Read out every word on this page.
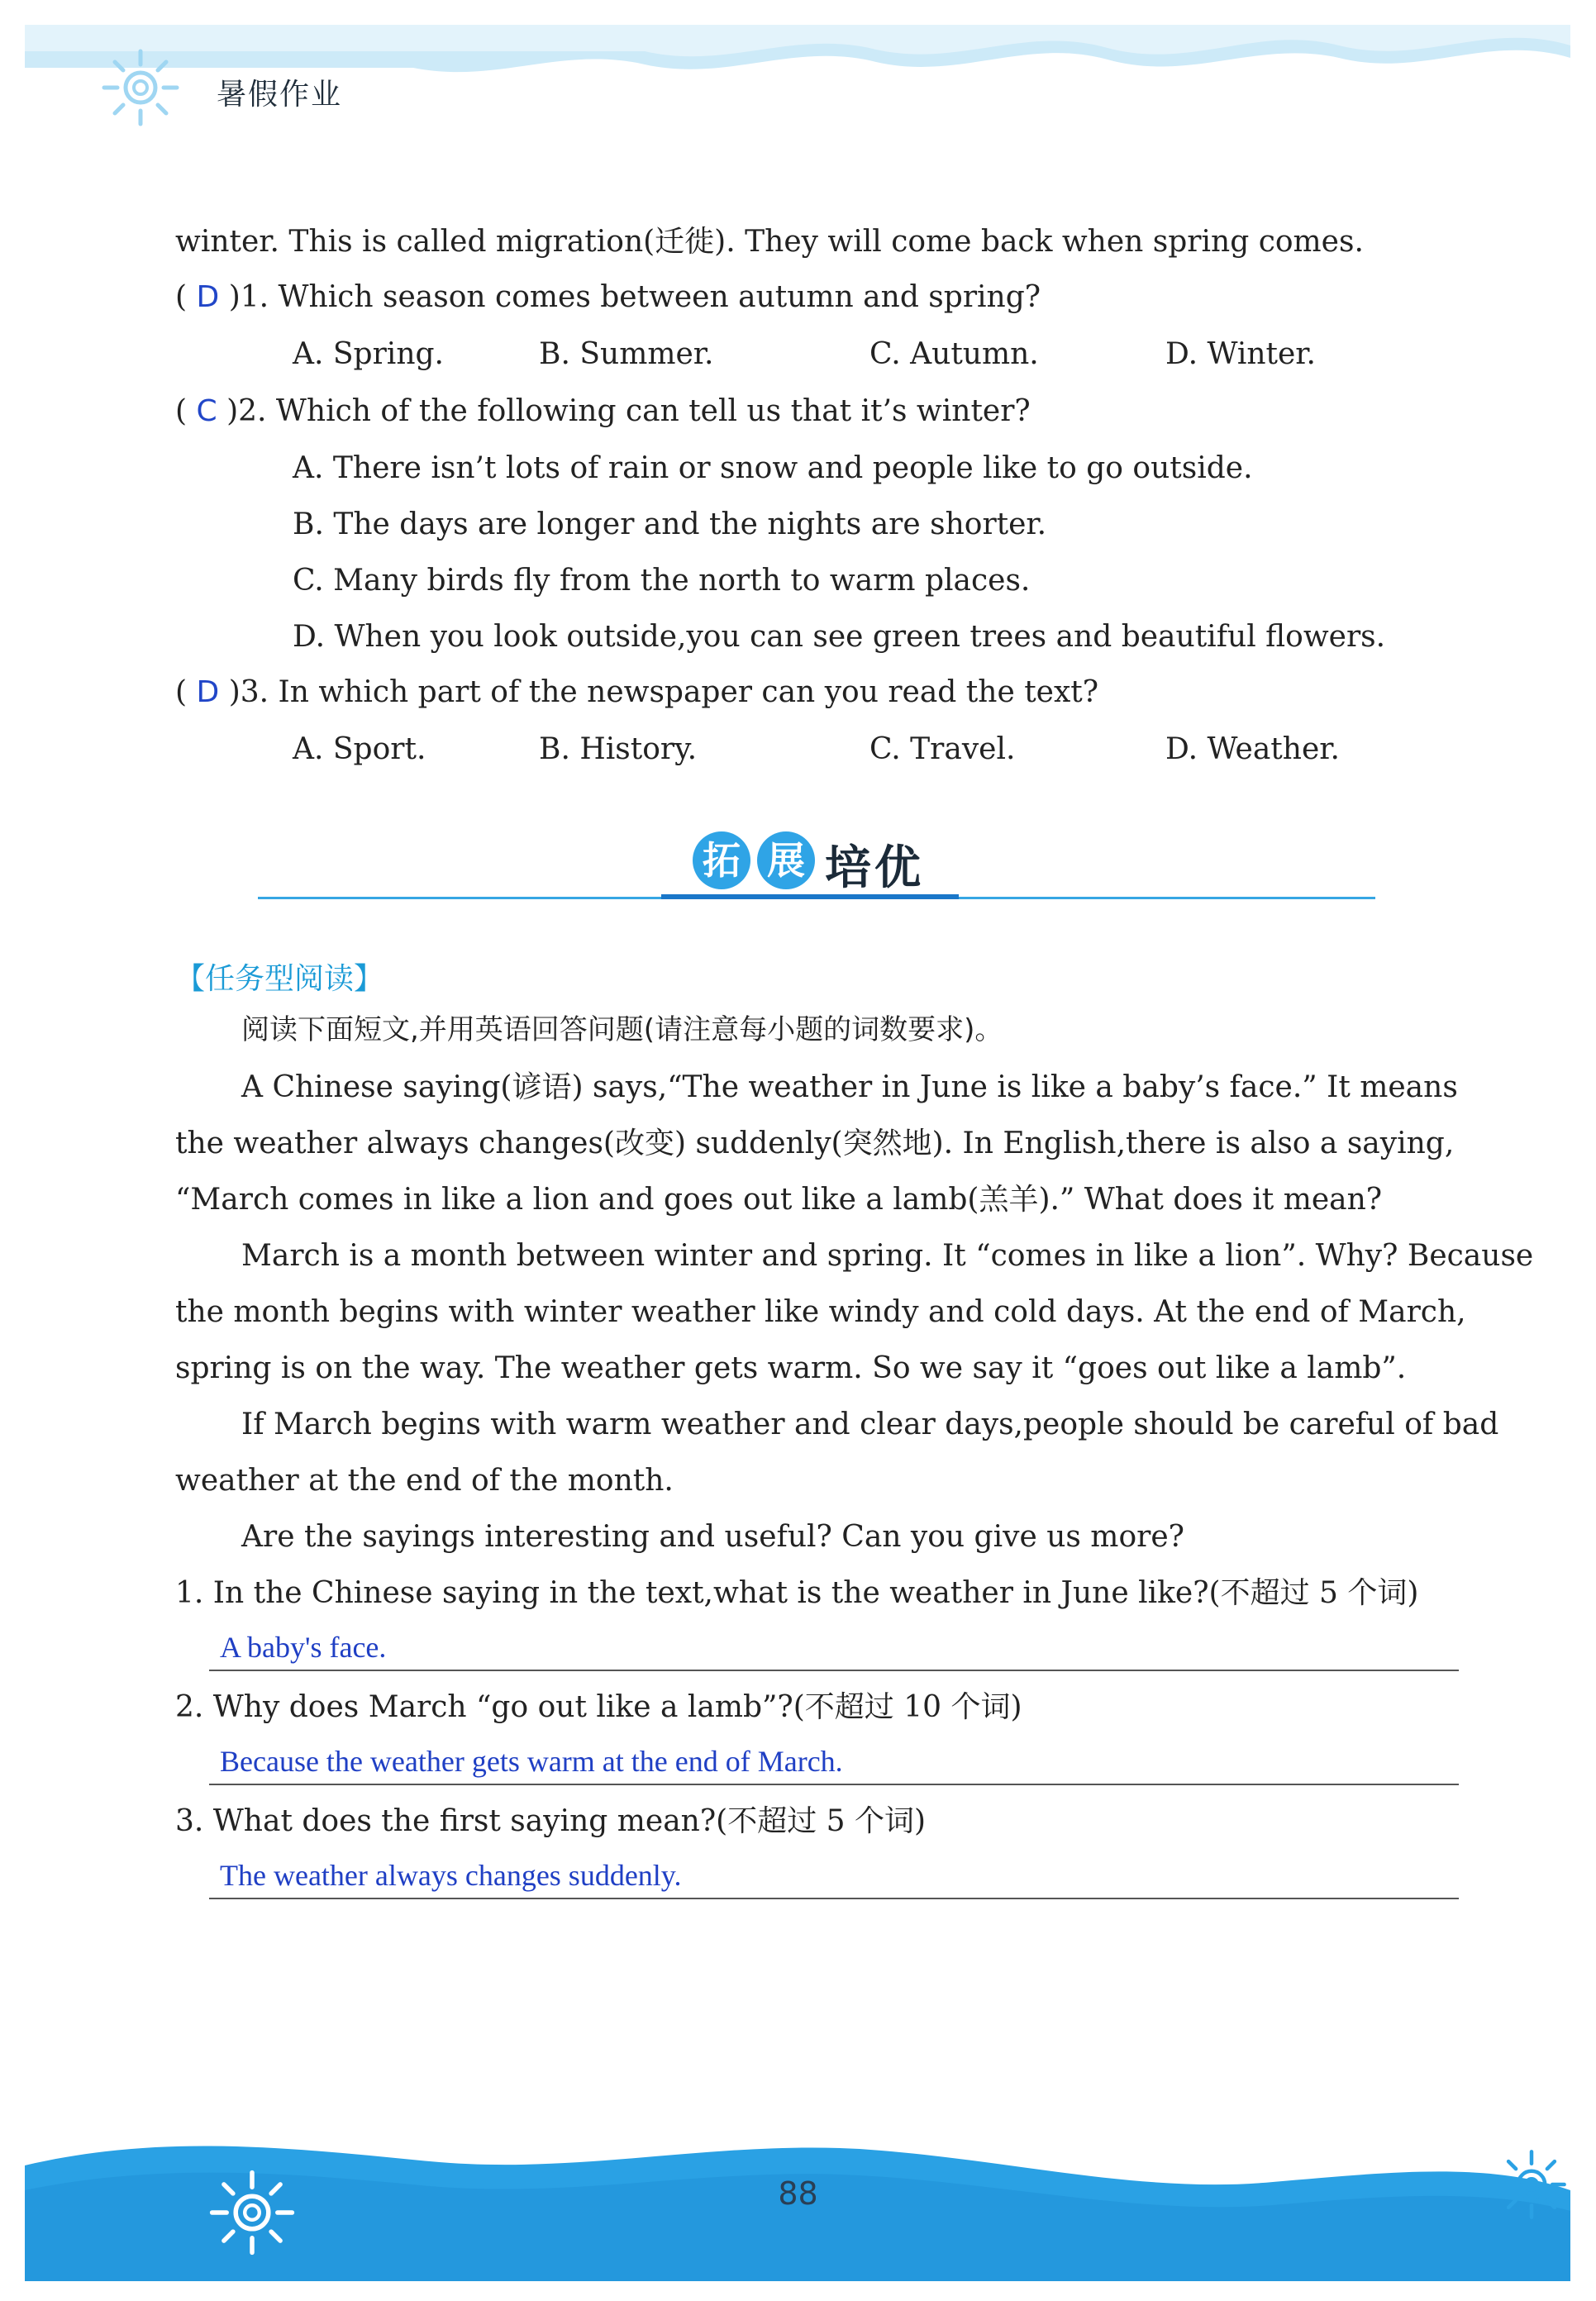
暑假作业
winter. This is called migration(迁徙). They will come back when spring comes.
( D )1. Which season comes between autumn and spring?
A. Spring.	B. Summer.	C. Autumn.	D. Winter.
( C )2. Which of the following can tell us that it’s winter?
A. There isn’t lots of rain or snow and people like to go outside.
B. The days are longer and the nights are shorter.
C. Many birds fly from the north to warm places.
D. When you look outside,you can see green trees and beautiful flowers.
( D )3. In which part of the newspaper can you read the text?
A. Sport.	B. History.	C. Travel.	D. Weather.
拓 展 培优
【任务型阅读】
阅读下面短文,并用英语回答问题(请注意每小题的词数要求)。
A Chinese saying(谚语) says,“The weather in June is like a baby’s face.” It means
the weather always changes(改变) suddenly(突然地). In English,there is also a saying,
“March comes in like a lion and goes out like a lamb(羔羊).” What does it mean?
March is a month between winter and spring. It “comes in like a lion”. Why? Because
the month begins with winter weather like windy and cold days. At the end of March,
spring is on the way. The weather gets warm. So we say it “goes out like a lamb”.
If March begins with warm weather and clear days,people should be careful of bad
weather at the end of the month.
Are the sayings interesting and useful? Can you give us more?
1. In the Chinese saying in the text,what is the weather in June like?(不超过 5 个词)
A baby's face.
2. Why does March “go out like a lamb”?(不超过 10 个词)
Because the weather gets warm at the end of March.
3. What does the first saying mean?(不超过 5 个词)
The weather always changes suddenly.
88
